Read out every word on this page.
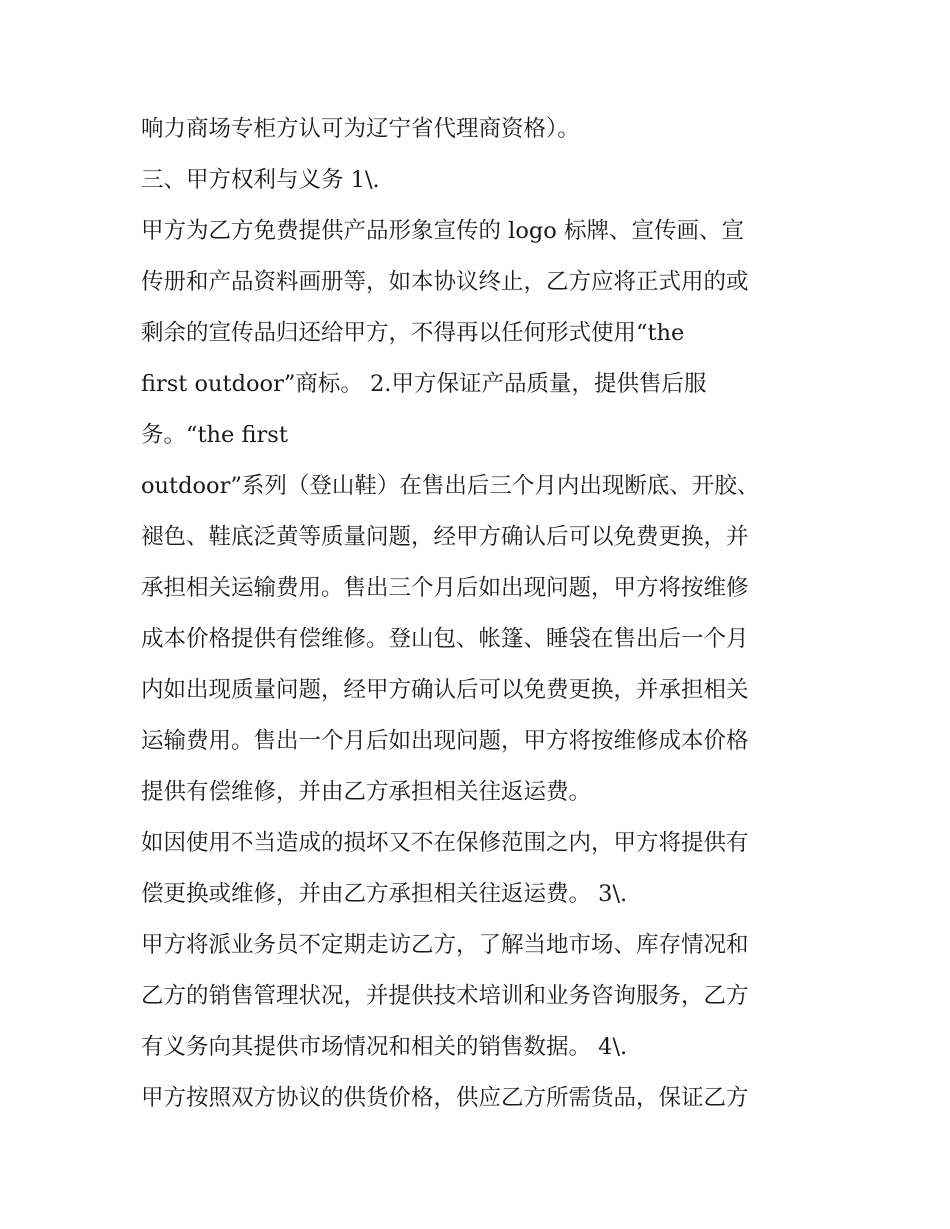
响力商场专柜方认可为辽宁省代理商资格）。
三、甲方权利与义务 1\.
甲方为乙方免费提供产品形象宣传的 logo 标牌、宣传画、宣
传册和产品资料画册等，如本协议终止，乙方应将正式用的或
剩余的宣传品归还给甲方，不得再以任何形式使用“the
first outdoor”商标。 2.甲方保证产品质量，提供售后服
务。“the first
outdoor”系列（登山鞋）在售出后三个月内出现断底、开胶、
褪色、鞋底泛黄等质量问题，经甲方确认后可以免费更换，并
承担相关运输费用。售出三个月后如出现问题，甲方将按维修
成本价格提供有偿维修。登山包、帐篷、睡袋在售出后一个月
内如出现质量问题，经甲方确认后可以免费更换，并承担相关
运输费用。售出一个月后如出现问题，甲方将按维修成本价格
提供有偿维修，并由乙方承担相关往返运费。
如因使用不当造成的损坏又不在保修范围之内，甲方将提供有
偿更换或维修，并由乙方承担相关往返运费。 3\.
甲方将派业务员不定期走访乙方，了解当地市场、库存情况和
乙方的销售管理状况，并提供技术培训和业务咨询服务，乙方
有义务向其提供市场情况和相关的销售数据。 4\.
甲方按照双方协议的供货价格，供应乙方所需货品，保证乙方
